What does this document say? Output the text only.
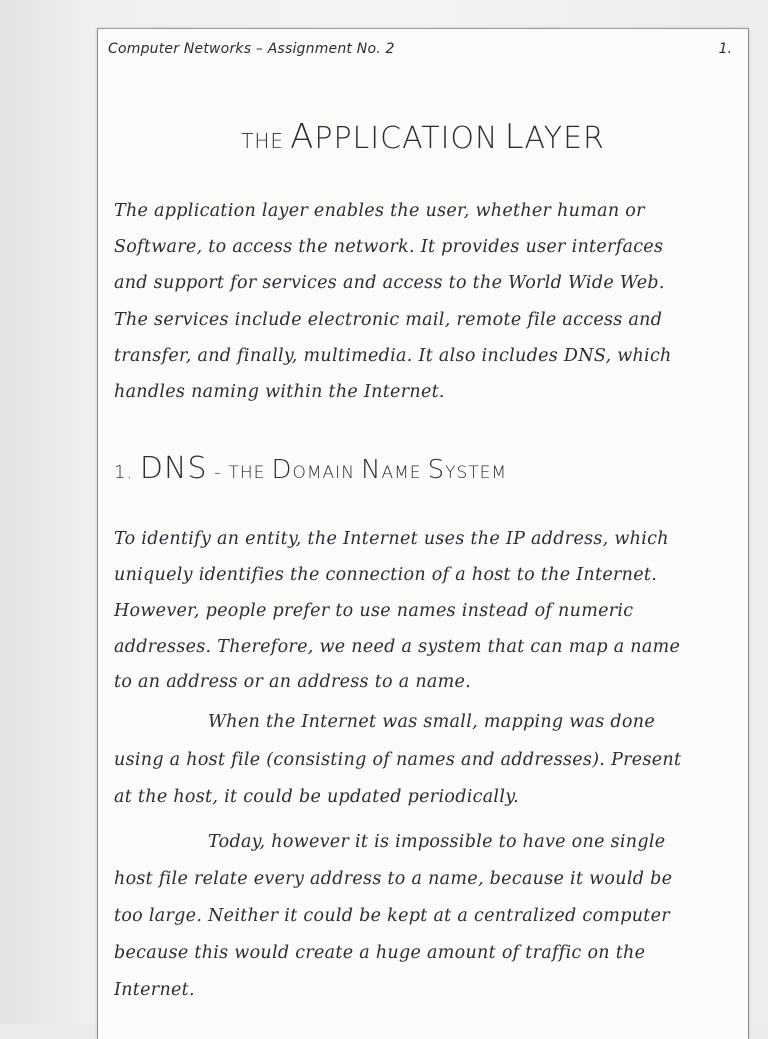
Computer Networks – Assignment No. 2	1.
THE APPLICATION LAYER
The application layer enables the user, whether human or
Software, to access the network. It provides user interfaces
and support for services and access to the World Wide Web.
The services include electronic mail, remote file access and
transfer, and finally, multimedia. It also includes DNS, which
handles naming within the Internet.
1. DNS - THE DOMAIN NAME SYSTEM
To identify an entity, the Internet uses the IP address, which
uniquely identifies the connection of a host to the Internet.
However, people prefer to use names instead of numeric
addresses. Therefore, we need a system that can map a name
to an address or an address to a name.
When the Internet was small, mapping was done
using a host file (consisting of names and addresses). Present
at the host, it could be updated periodically.
Today, however it is impossible to have one single
host file relate every address to a name, because it would be
too large. Neither it could be kept at a centralized computer
because this would create a huge amount of traffic on the
Internet.
